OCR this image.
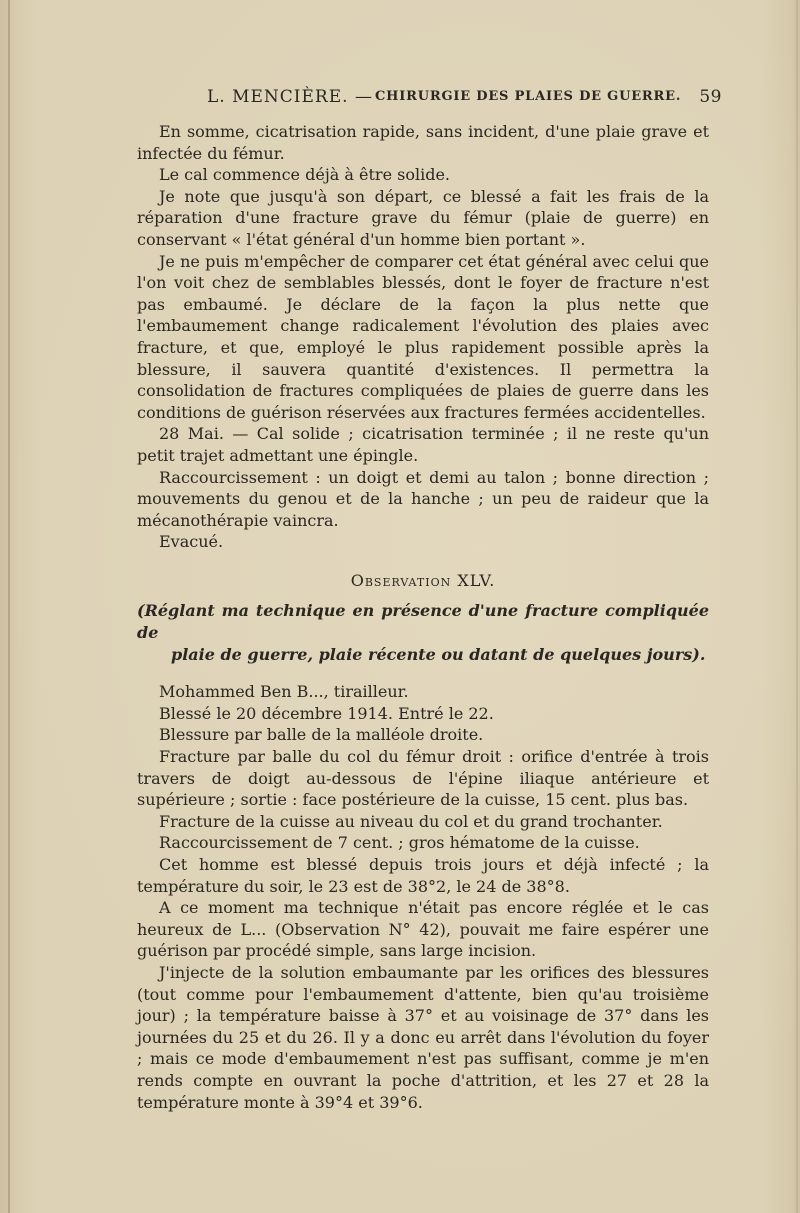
L. MENCIÈRE. — CHIRURGIE DES PLAIES DE GUERRE. 59

En somme, cicatrisation rapide, sans incident, d'une plaie grave et infectée du fémur.

Le cal commence déjà à être solide.

Je note que jusqu'à son départ, ce blessé a fait les frais de la réparation d'une fracture grave du fémur (plaie de guerre) en conservant « l'état général d'un homme bien portant ».

Je ne puis m'empêcher de comparer cet état général avec celui que l'on voit chez de semblables blessés, dont le foyer de fracture n'est pas embaumé. Je déclare de la façon la plus nette que l'embaumement change radicalement l'évolution des plaies avec fracture, et que, employé le plus rapidement possible après la blessure, il sauvera quantité d'existences. Il permettra la consolidation de fractures compliquées de plaies de guerre dans les conditions de guérison réservées aux fractures fermées accidentelles.

28 Mai. — Cal solide ; cicatrisation terminée ; il ne reste qu'un petit trajet admettant une épingle.

Raccourcissement : un doigt et demi au talon ; bonne direction ; mouvements du genou et de la hanche ; un peu de raideur que la mécanothérapie vaincra.

Evacué.

Observation XLV.

(Réglant ma technique en présence d'une fracture compliquée de
plaie de guerre, plaie récente ou datant de quelques jours).

Mohammed Ben B..., tirailleur.

Blessé le 20 décembre 1914. Entré le 22.

Blessure par balle de la malléole droite.

Fracture par balle du col du fémur droit : orifice d'entrée à trois travers de doigt au-dessous de l'épine iliaque antérieure et supérieure ; sortie : face postérieure de la cuisse, 15 cent. plus bas.

Fracture de la cuisse au niveau du col et du grand trochanter.

Raccourcissement de 7 cent. ; gros hématome de la cuisse.

Cet homme est blessé depuis trois jours et déjà infecté ; la température du soir, le 23 est de 38°2, le 24 de 38°8.

A ce moment ma technique n'était pas encore réglée et le cas heureux de L... (Observation N° 42), pouvait me faire espérer une guérison par procédé simple, sans large incision.

J'injecte de la solution embaumante par les orifices des blessures (tout comme pour l'embaumement d'attente, bien qu'au troisième jour) ; la température baisse à 37° et au voisinage de 37° dans les journées du 25 et du 26. Il y a donc eu arrêt dans l'évolution du foyer ; mais ce mode d'embaumement n'est pas suffisant, comme je m'en rends compte en ouvrant la poche d'attrition, et les 27 et 28 la température monte à 39°4 et 39°6.
